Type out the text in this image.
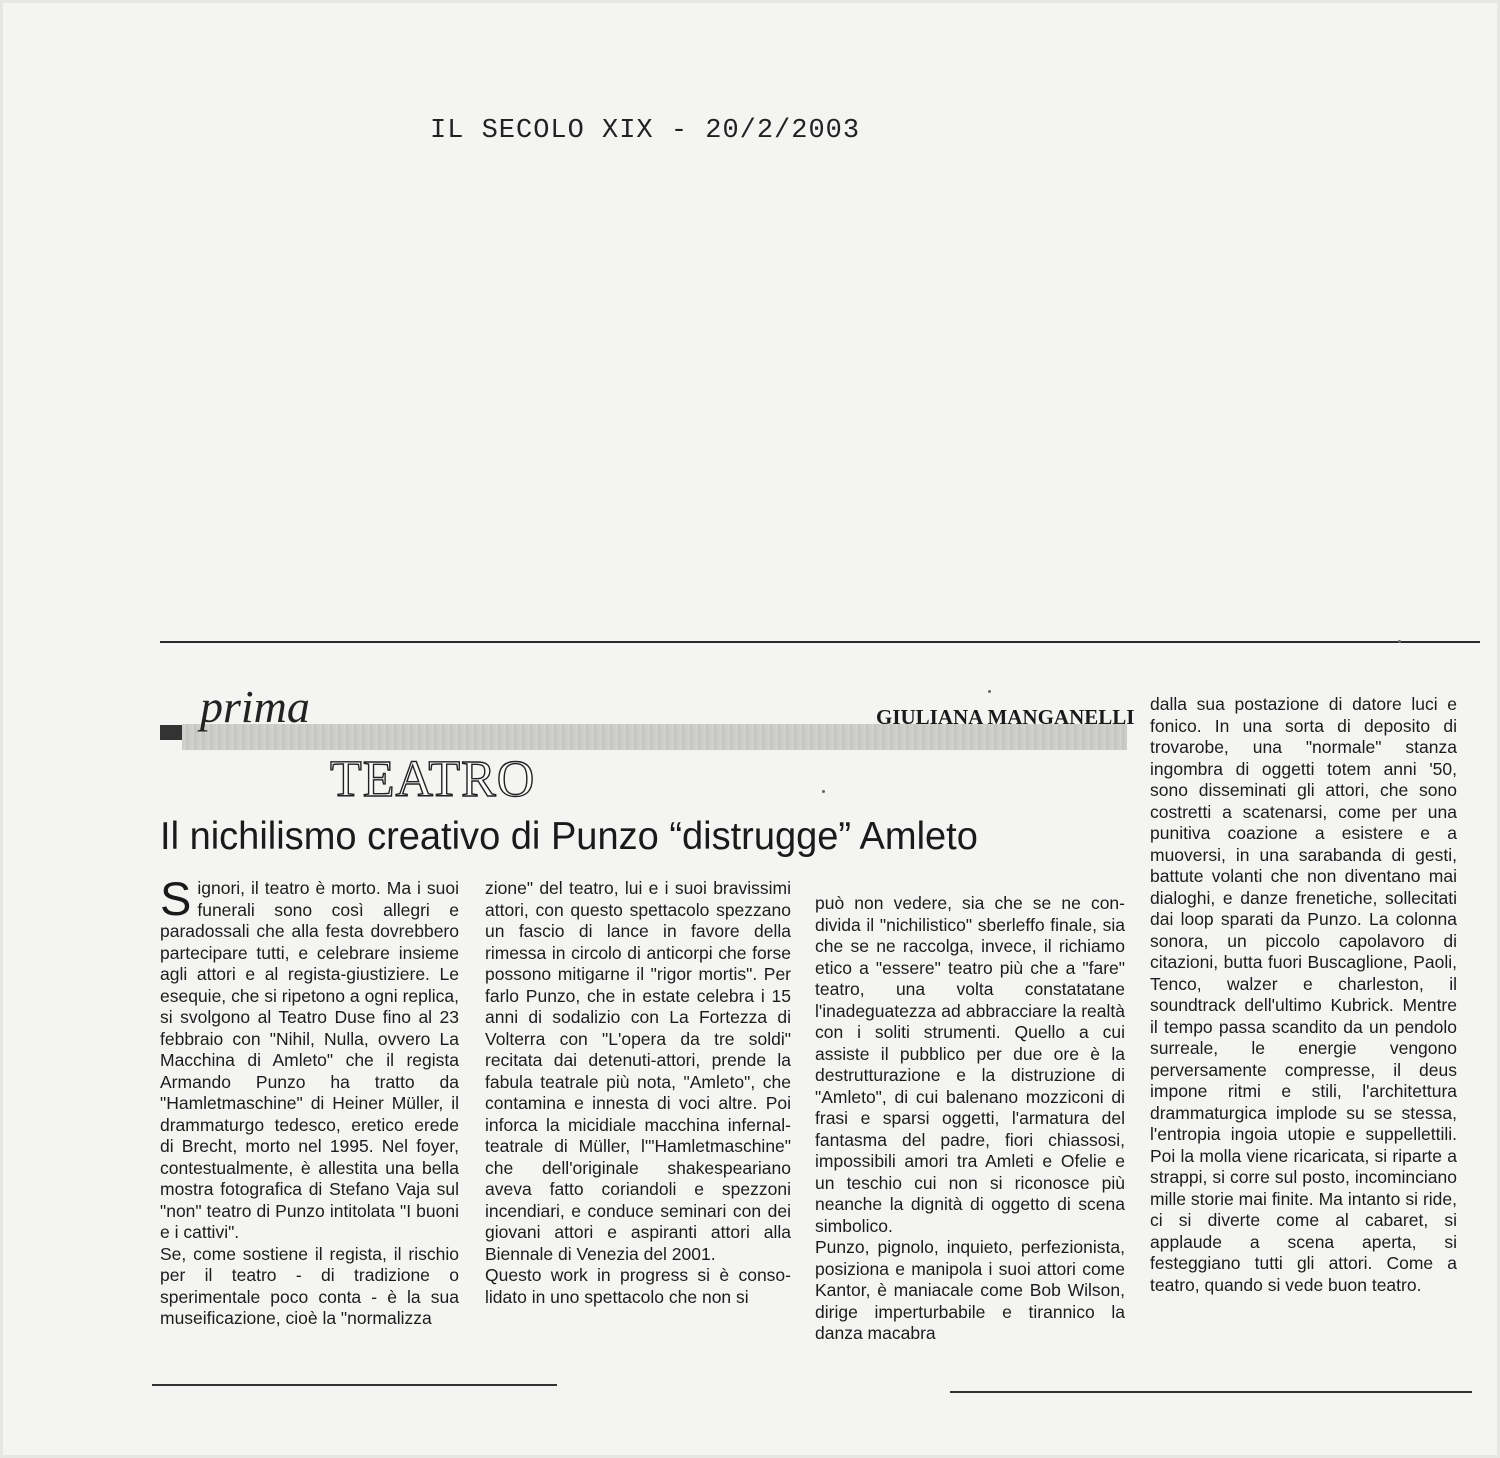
IL SECOLO XIX - 20/2/2003
prima	GIULIANA MANGANELLI
TEATRO
Il nichilismo creativo di Punzo “distrugge” Amleto

Signori, il teatro è morto. Ma i suoi funerali sono così allegri e paradossali che alla festa dovrebbero partecipare tutti, e celebrare insieme agli attori e al regista-giustiziere. Le esequie, che si ripetono a ogni replica, si svolgono al Teatro Duse fino al 23 febbraio con "Nihil, Nulla, ovvero La Macchina di Amleto" che il regista Armando Punzo ha tratto da "Hamletmaschine" di Heiner Müller, il drammaturgo tedesco, eretico erede di Brecht, morto nel 1995. Nel foyer, contestualmente, è allestita una bella mostra fotografica di Stefano Vaja sul "non" teatro di Punzo intitolata "I buoni e i cattivi".

Se, come sostiene il regista, il rischio per il teatro - di tradizione o sperimentale poco conta - è la sua museificazione, cioè la "normalizza

zione" del teatro, lui e i suoi bravissimi attori, con questo spettacolo spezzano un fascio di lance in favore della rimessa in circolo di anticorpi che forse possono mitigarne il "rigor mortis". Per farlo Punzo, che in estate celebra i 15 anni di sodalizio con La Fortezza di Volterra con "L'opera da tre soldi" recitata dai detenuti-attori, prende la fabula teatrale più nota, "Amleto", che contamina e innesta di voci altre. Poi inforca la micidiale macchina infernal-teatrale di Müller, l'"Hamletmaschine" che dell'originale shakespeariano aveva fatto coriandoli e spezzoni incendiari, e conduce seminari con dei giovani attori e aspiranti attori alla Biennale di Venezia del 2001.

Questo work in progress si è consolidato in uno spettacolo che non si

può non vedere, sia che se ne condivida il "nichilistico" sberleffo finale, sia che se ne raccolga, invece, il richiamo etico a "essere" teatro più che a "fare" teatro, una volta constatatane l'inadeguatezza ad abbracciare la realtà con i soliti strumenti. Quello a cui assiste il pubblico per due ore è la destrutturazione e la distruzione di "Amleto", di cui balenano mozziconi di frasi e sparsi oggetti, l'armatura del fantasma del padre, fiori chiassosi, impossibili amori tra Amleti e Ofelie e un teschio cui non si riconosce più neanche la dignità di oggetto di scena simbolico.

Punzo, pignolo, inquieto, perfezionista, posiziona e manipola i suoi attori come Kantor, è maniacale come Bob Wilson, dirige imperturbabile e tirannico la danza macabra

dalla sua postazione di datore luci e fonico. In una sorta di deposito di trovarobe, una "normale" stanza ingombra di oggetti totem anni '50, sono disseminati gli attori, che sono costretti a scatenarsi, come per una punitiva coazione a esistere e a muoversi, in una sarabanda di gesti, battute volanti che non diventano mai dialoghi, e danze frenetiche, sollecitati dai loop sparati da Punzo. La colonna sonora, un piccolo capolavoro di citazioni, butta fuori Buscaglione, Paoli, Tenco, walzer e charleston, il soundtrack dell'ultimo Kubrick. Mentre il tempo passa scandito da un pendolo surreale, le energie vengono perversamente compresse, il deus impone ritmi e stili, l'architettura drammaturgica implode su se stessa, l'entropia ingoia utopie e suppellettili. Poi la molla viene ricaricata, si riparte a strappi, si corre sul posto, incominciano mille storie mai finite. Ma intanto si ride, ci si diverte come al cabaret, si applaude a scena aperta, si festeggiano tutti gli attori. Come a teatro, quando si vede buon teatro.
